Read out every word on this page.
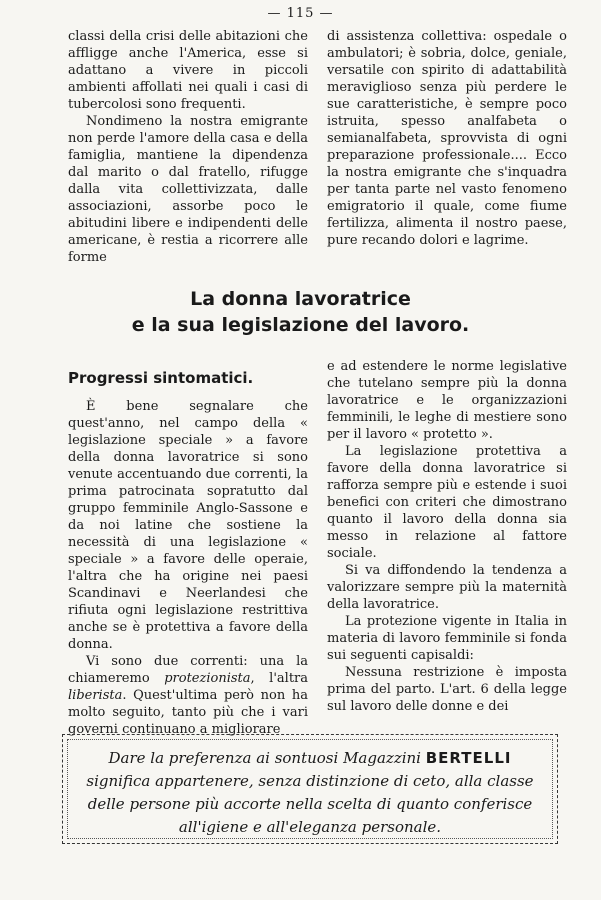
— 115 —

classi della crisi delle abitazioni che affligge anche l'America, esse si adattano a vivere in piccoli ambienti affollati nei quali i casi di tubercolosi sono frequenti.

Nondimeno la nostra emigrante non perde l'amore della casa e della famiglia, mantiene la dipendenza dal marito o dal fratello, rifugge dalla vita collettivizzata, dalle associazioni, assorbe poco le abitudini libere e indipendenti delle americane, è restia a ricorrere alle forme

di assistenza collettiva: ospedale o ambulatori; è sobria, dolce, geniale, versatile con spirito di adattabilità meraviglioso senza più perdere le sue caratteristiche, è sempre poco istruita, spesso analfabeta o semianalfabeta, sprovvista di ogni preparazione professionale.... Ecco la nostra emigrante che s'inquadra per tanta parte nel vasto fenomeno emigratorio il quale, come fiume fertilizza, alimenta il nostro paese, pure recando dolori e lagrime.

La donna lavoratrice
e la sua legislazione del lavoro.
Progressi sintomatici.

È bene segnalare che quest'anno, nel campo della « legislazione speciale » a favore della donna lavoratrice si sono venute accentuando due correnti, la prima patrocinata sopratutto dal gruppo femminile Anglo-Sassone e da noi latine che sostiene la necessità di una legislazione « speciale » a favore delle operaie, l'altra che ha origine nei paesi Scandinavi e Neerlandesi che rifiuta ogni legislazione restrittiva anche se è protettiva a favore della donna.

Vi sono due correnti: una la chiameremo protezionista, l'altra liberista. Quest'ultima però non ha molto seguito, tanto più che i vari governi continuano a migliorare

e ad estendere le norme legislative che tutelano sempre più la donna lavoratrice e le organizzazioni femminili, le leghe di mestiere sono per il lavoro « protetto ».

La legislazione protettiva a favore della donna lavoratrice si rafforza sempre più e estende i suoi benefici con criteri che dimostrano quanto il lavoro della donna sia messo in relazione al fattore sociale.

Si va diffondendo la tendenza a valorizzare sempre più la maternità della lavoratrice.

La protezione vigente in Italia in materia di lavoro femminile si fonda sui seguenti capisaldi:

Nessuna restrizione è imposta prima del parto. L'art. 6 della legge sul lavoro delle donne e dei

Dare la preferenza ai sontuosi Magazzini BERTELLI
significa appartenere, senza distinzione di ceto, alla classe
delle persone più accorte nella scelta di quanto conferisce
all'igiene e all'eleganza personale.
